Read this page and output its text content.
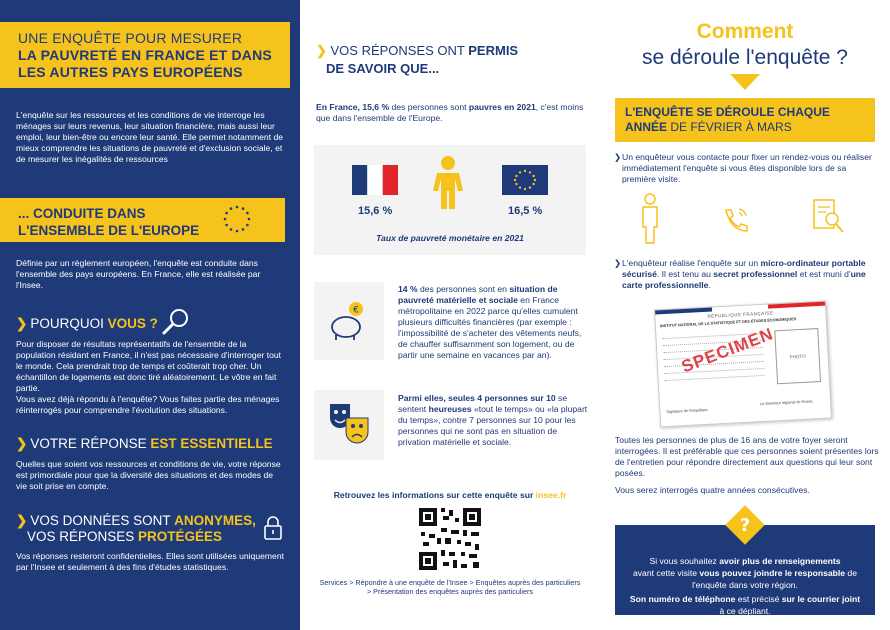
UNE ENQUÊTE POUR MESURER
LA PAUVRETÉ EN FRANCE ET DANS
LES AUTRES PAYS EUROPÉENS
L'enquête sur les ressources et les conditions de vie interroge les ménages sur leurs revenus, leur situation financière, mais aussi leur emploi, leur bien-être ou encore leur santé. Elle permet notamment de mieux comprendre les situations de pauvreté et d'exclusion sociale, et de mesurer les inégalités de ressources
... CONDUITE DANS
L'ENSEMBLE DE L'EUROPE
Définie par un règlement européen, l'enquête est conduite dans l'ensemble des pays européens. En France, elle est réalisée par l'Insee.
❯ POURQUOI VOUS ?
Pour disposer de résultats représentatifs de l'ensemble de la population résidant en France, il n'est pas nécessaire d'interroger tout le monde. Cela prendrait trop de temps et coûterait trop cher. Un échantillon de logements est donc tiré aléatoirement. Le vôtre en fait partie.
Vous avez déjà répondu à l'enquête? Vous faites partie des ménages réinterrogés pour comprendre l'évolution des situations.
❯ VOTRE RÉPONSE EST ESSENTIELLE
Quelles que soient vos ressources et conditions de vie, votre réponse est primordiale pour que la diversité des situations et des modes de vie soit prise en compte.
❯ VOS DONNÉES SONT ANONYMES,
VOS RÉPONSES PROTÉGÉES
Vos réponses resteront confidentielles. Elles sont utilisées uniquement par l'Insee et seulement à des fins d'études statistiques.
❯ VOS RÉPONSES ONT PERMIS
DE SAVOIR QUE...
En France, 15,6 % des personnes sont pauvres en 2021, c'est moins que dans l'ensemble de l'Europe.
15,6 %	16,5 %
Taux de pauvreté monétaire en 2021
€
14 % des personnes sont en situation de pauvreté matérielle et sociale en France métropolitaine en 2022 parce qu'elles cumulent plusieurs difficultés financières (par exemple : l'impossibilité de s'acheter des vêtements neufs, de chauffer suffisamment son logement, ou de partir une semaine en vacances par an).
Parmi elles, seules 4 personnes sur 10 se sentent heureuses «tout le temps» ou «la plupart du temps», contre 7 personnes sur 10 pour les personnes qui ne sont pas en situation de privation matérielle et sociale.
Retrouvez les informations sur cette enquête sur insee.fr
Services > Répondre à une enquête de l'Insee > Enquêtes auprès des particuliers
> Présentation des enquêtes auprès des particuliers
Comment
se déroule l'enquête ?
L'ENQUÊTE SE DÉROULE CHAQUE
ANNÉE DE FÉVRIER À MARS
❯ Un enquêteur vous contacte pour fixer un rendez-vous ou réaliser immédiatement l'enquête si vous êtes disponible lors de sa première visite.
❯ L'enquêteur réalise l'enquête sur un micro-ordinateur portable sécurisé. Il est tenu au secret professionnel et est muni d'une carte professionnelle.
RÉPUBLIQUE FRANÇAISE
INSTITUT NATIONAL DE LA STATISTIQUE ET DES ÉTUDES ÉCONOMIQUES
PHOTO
SPECIMEN
Signature de l'enquêteur,
Le Directeur régional de l'Insee,
Toutes les personnes de plus de 16 ans de votre foyer seront interrogées. Il est préférable que ces personnes soient présentes lors de l'entretien pour répondre directement aux questions qui leur sont posées.
Vous serez interrogés quatre années consécutives.
Si vous souhaitez avoir plus de renseignements
avant cette visite vous pouvez joindre le responsable de l'enquête dans votre région.
Son numéro de téléphone est précisé sur le courrier joint à ce dépliant.
?
